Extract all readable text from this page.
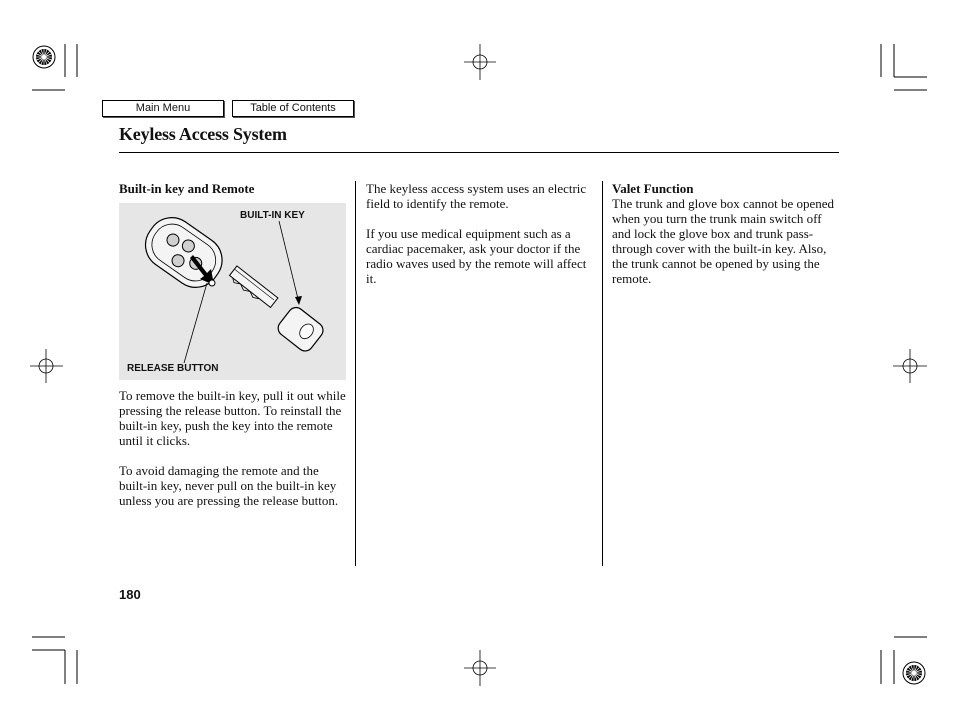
Main Menu	Table of Contents
Keyless Access System
Built-in key and Remote
BUILT-IN KEY
RELEASE BUTTON

To remove the built-in key, pull it out while pressing the release button. To reinstall the built-in key, push the key into the remote until it clicks.

To avoid damaging the remote and the built-in key, never pull on the built-in key unless you are pressing the release button.

The keyless access system uses an electric field to identify the remote.

If you use medical equipment such as a cardiac pacemaker, ask your doctor if the radio waves used by the remote will affect it.

Valet Function

The trunk and glove box cannot be opened when you turn the trunk main switch off and lock the glove box and trunk pass-through cover with the built-in key. Also, the trunk cannot be opened by using the remote.

180
